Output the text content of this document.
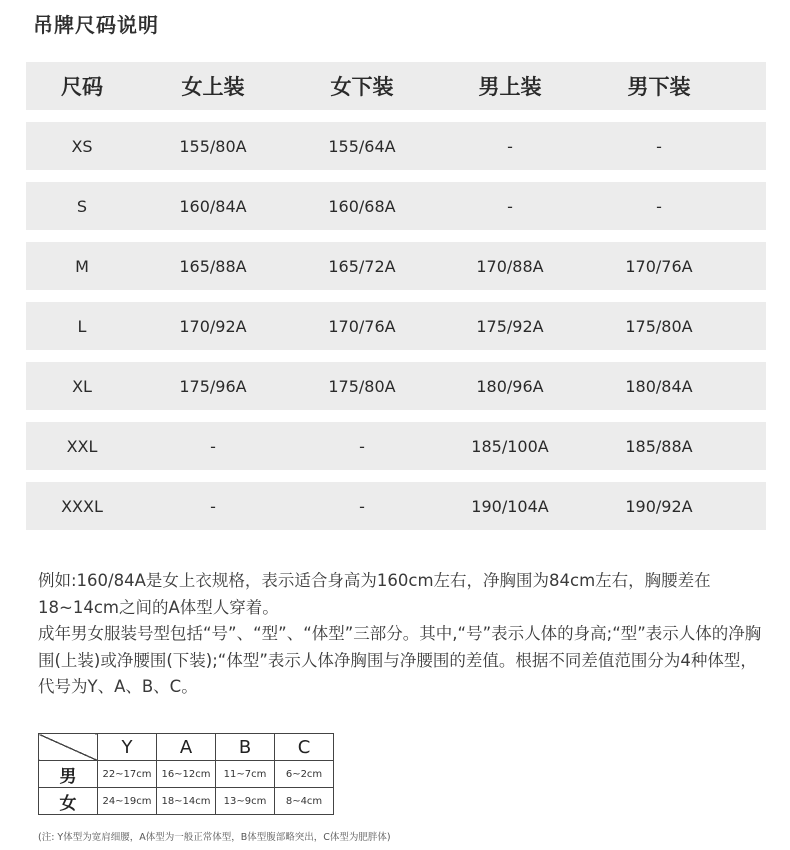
吊牌尺码说明
尺码	女上装	女下装	男上装	男下装
XS	155/80A	155/64A	-	-
S	160/84A	160/68A	-	-
M	165/88A	165/72A	170/88A	170/76A
L	170/92A	170/76A	175/92A	175/80A
XL	175/96A	175/80A	180/96A	180/84A
XXL	-	-	185/100A	185/88A
XXXL	-	-	190/104A	190/92A

例如:160/84A是女上衣规格，表示适合身高为160cm左右，净胸围为84cm左右，胸腰差在18~14cm之间的A体型人穿着。

成年男女服装号型包括“号”、“型”、“体型”三部分。其中,“号”表示人体的身高;“型”表示人体的净胸围(上装)或净腰围(下装);“体型”表示人体净胸围与净腰围的差值。根据不同差值范围分为4种体型，代号为Y、A、B、C。

	Y	A	B	C
男	22~17cm	16~12cm	11~7cm	6~2cm
女	24~19cm	18~14cm	13~9cm	8~4cm
(注: Y体型为宽肩细腰，A体型为一般正常体型，B体型腹部略突出，C体型为肥胖体)
